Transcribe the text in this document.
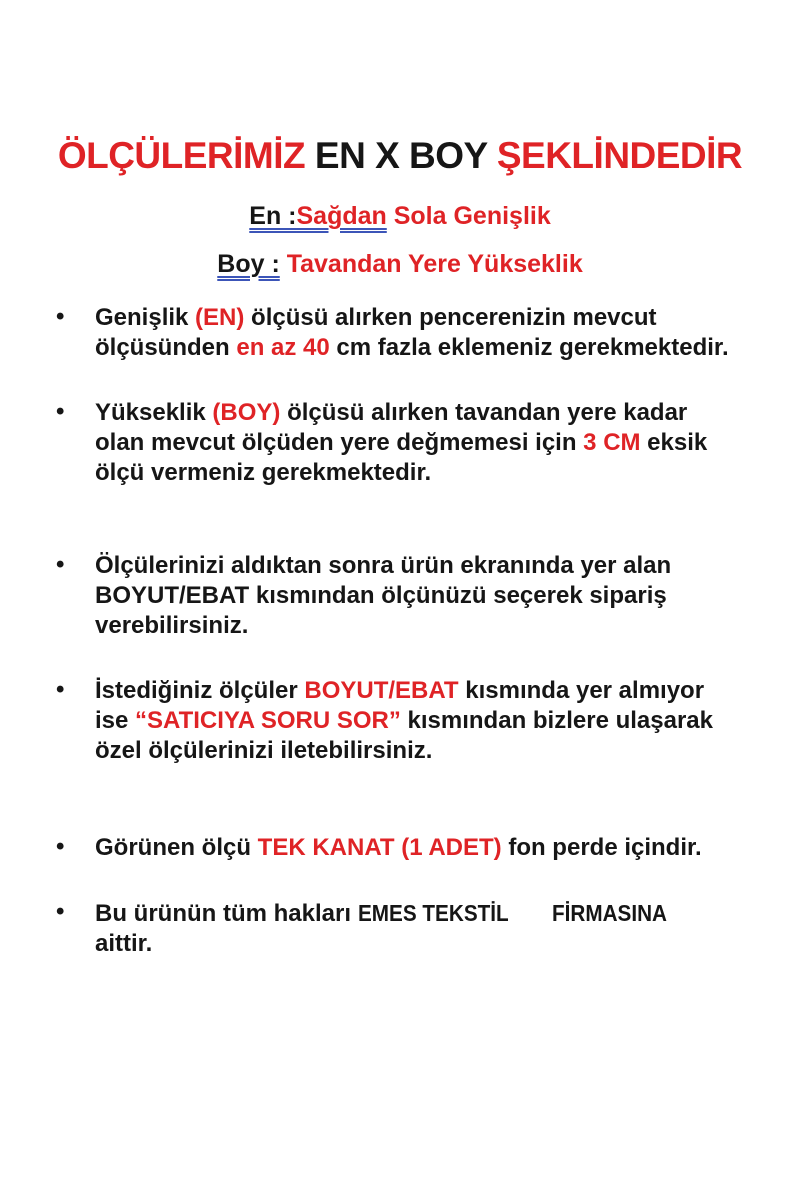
ÖLÇÜLERİMİZ EN X BOY ŞEKLİNDEDİR
En :Sağdan Sola Genişlik
Boy : Tavandan Yere Yükseklik
• Genişlik (EN) ölçüsü alırken pencerenizin mevcut
ölçüsünden en az 40 cm fazla eklemeniz gerekmektedir.
• Yükseklik (BOY) ölçüsü alırken tavandan yere kadar
olan mevcut ölçüden yere değmemesi için 3 CM eksik
ölçü vermeniz gerekmektedir.
• Ölçülerinizi aldıktan sonra ürün ekranında yer alan
BOYUT/EBAT kısmından ölçünüzü seçerek sipariş
verebilirsiniz.
• İstediğiniz ölçüler BOYUT/EBAT kısmında yer almıyor
ise “SATICIYA SORU SOR” kısmından bizlere ulaşarak
özel ölçülerinizi iletebilirsiniz.
• Görünen ölçü TEK KANAT (1 ADET) fon perde içindir.
• Bu ürünün tüm hakları EMES TEKSTİL FİRMASINA
aittir.
